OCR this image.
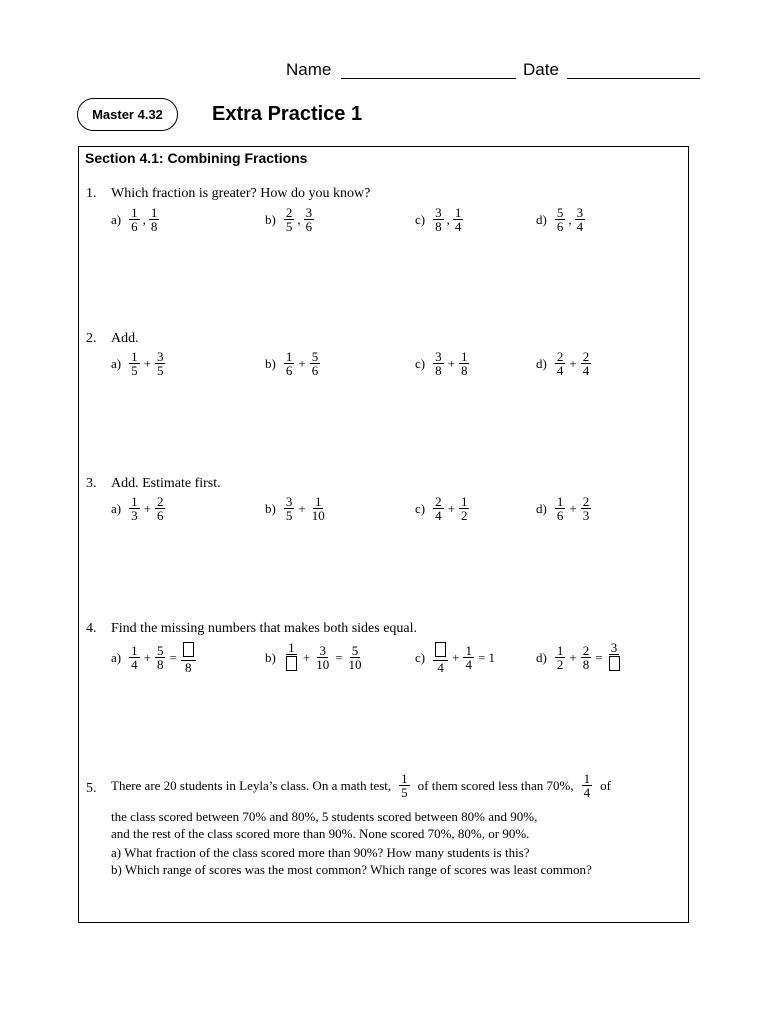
Name	Date
Master 4.32	Extra Practice 1
Section 4.1: Combining Fractions
1. Which fraction is greater? How do you know?
$a) \frac{1}{6}$ , $\frac{1}{8}$	$b) \frac{2}{5}$ , $\frac{3}{6}$	$c) \frac{3}{8}$ , $\frac{1}{4}$	$d) \frac{5}{6}$ , $\frac{3}{4}$
2. Add.
$a) \frac{1}{5} + \frac{3}{5}$	$b) \frac{1}{6} + \frac{5}{6}$	$c) \frac{3}{8} + \frac{1}{8}$	$d) \frac{2}{4} + \frac{2}{4}$
3. Add. Estimate first.
$a) \frac{1}{3} + \frac{2}{6}$	$b) \frac{3}{5} + \frac{1}{10}$	$c) \frac{2}{4} + \frac{1}{2}$	$d) \frac{1}{6} + \frac{2}{3}$
4. Find the missing numbers that makes both sides equal.
$a) \frac{1}{4} + \frac{5}{8}$ =
8
b)
1
+ $\frac{3}{10} = \frac{5}{10}$	c)
4
+ $\frac{1}{4} = 1$	$d) \frac{1}{2} + \frac{2}{8}$ =
3
5. There are 20 students in Leyla’s class. On a math test, $\frac{1}{5}$ of them scored less than 70%, $\frac{1}{4}$ of
the class scored between 70% and 80%, 5 students scored between 80% and 90%,
and the rest of the class scored more than 90%. None scored 70%, 80%, or 90%.
a) What fraction of the class scored more than 90%? How many students is this?
b) Which range of scores was the most common? Which range of scores was least common?
